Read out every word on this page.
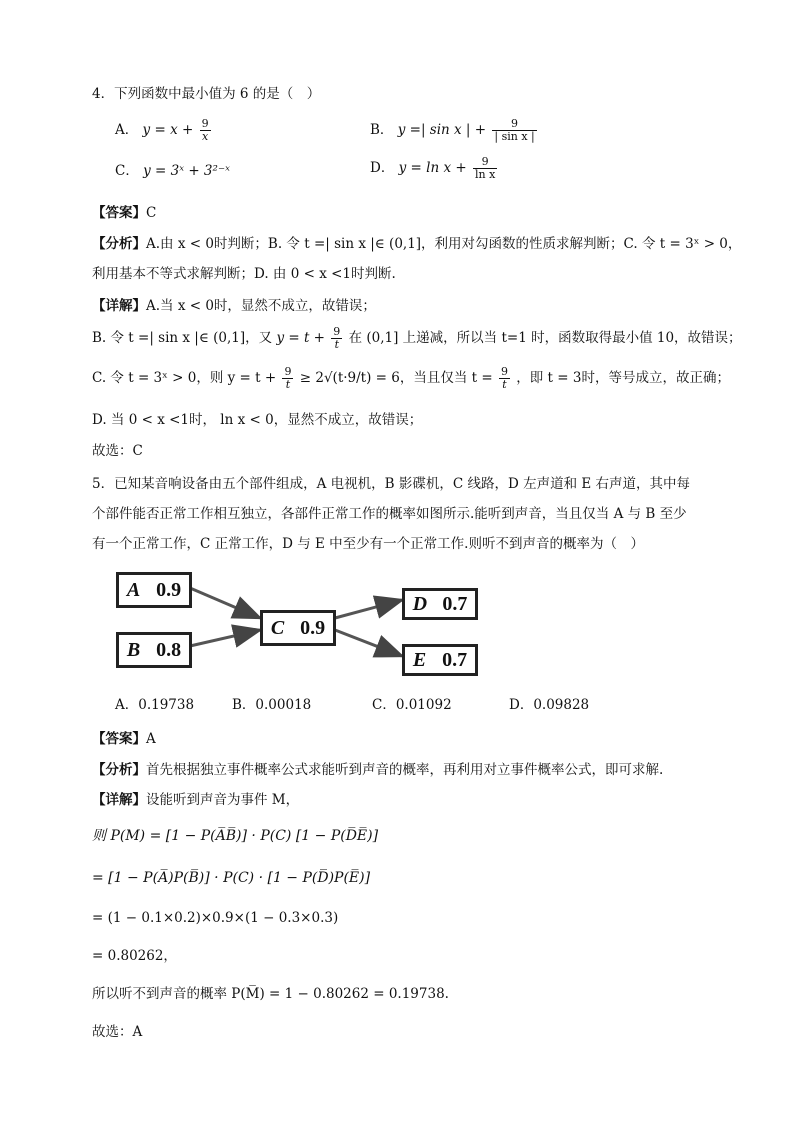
4．下列函数中最小值为 6 的是（　）
A． $y = x + \frac{9}{x}$	B． y =| sin x | + $\frac{9}{\text{| sin x |}}$
C． y = 3ˣ + 3²⁻ˣ	D． $y = \ln x + \frac{9}{\text{ln x}}$
【答案】C
【分析】A.由 x < 0时判断；B. 令 t =| sin x |∈ (0,1]，利用对勾函数的性质求解判断；C. 令 t = 3ˣ > 0，
利用基本不等式求解判断；D. 由 0 < x <1时判断.
【详解】A.当 x < 0时，显然不成立，故错误；
B. 令 t =| sin x |∈ (0,1]，又 $y = t + \frac{9}{t}$ 在 (0,1] 上递减，所以当 t=1 时，函数取得最小值 10，故错误；
C. 令 t = 3ˣ > 0，则 $y = t + \frac{9}{t} \ge 2√(t\cdot 9/t) = 6$，当且仅当 $t = \frac{9}{t}$ ，即 t = 3时，等号成立，故正确；
D. 当 0 < x <1时， ln x < 0，显然不成立，故错误；
故选：C
5．已知某音响设备由五个部件组成，A 电视机，B 影碟机，C 线路，D 左声道和 E 右声道，其中每
个部件能否正常工作相互独立，各部件正常工作的概率如图所示.能听到声音，当且仅当 A 与 B 至少
有一个正常工作，C 正常工作，D 与 E 中至少有一个正常工作.则听不到声音的概率为（　）
A 0.9
B 0.8
C 0.9
D 0.7
E 0.7
A．0.19738	B．0.00018	C．0.01092	D．0.09828
【答案】A
【分析】首先根据独立事件概率公式求能听到声音的概率，再利用对立事件概率公式，即可求解.
【详解】设能听到声音为事件 M，
则 P(M) = [1 − P(A̅B̅)] · P(C) [1 − P(D̅E̅)]
= [1 − P(A̅)P(B̅)] · P(C) · [1 − P(D̅)P(E̅)]
= (1 − 0.1×0.2)×0.9×(1 − 0.3×0.3)
= 0.80262，
所以听不到声音的概率 P(M̅) = 1 − 0.80262 = 0.19738.
故选：A
